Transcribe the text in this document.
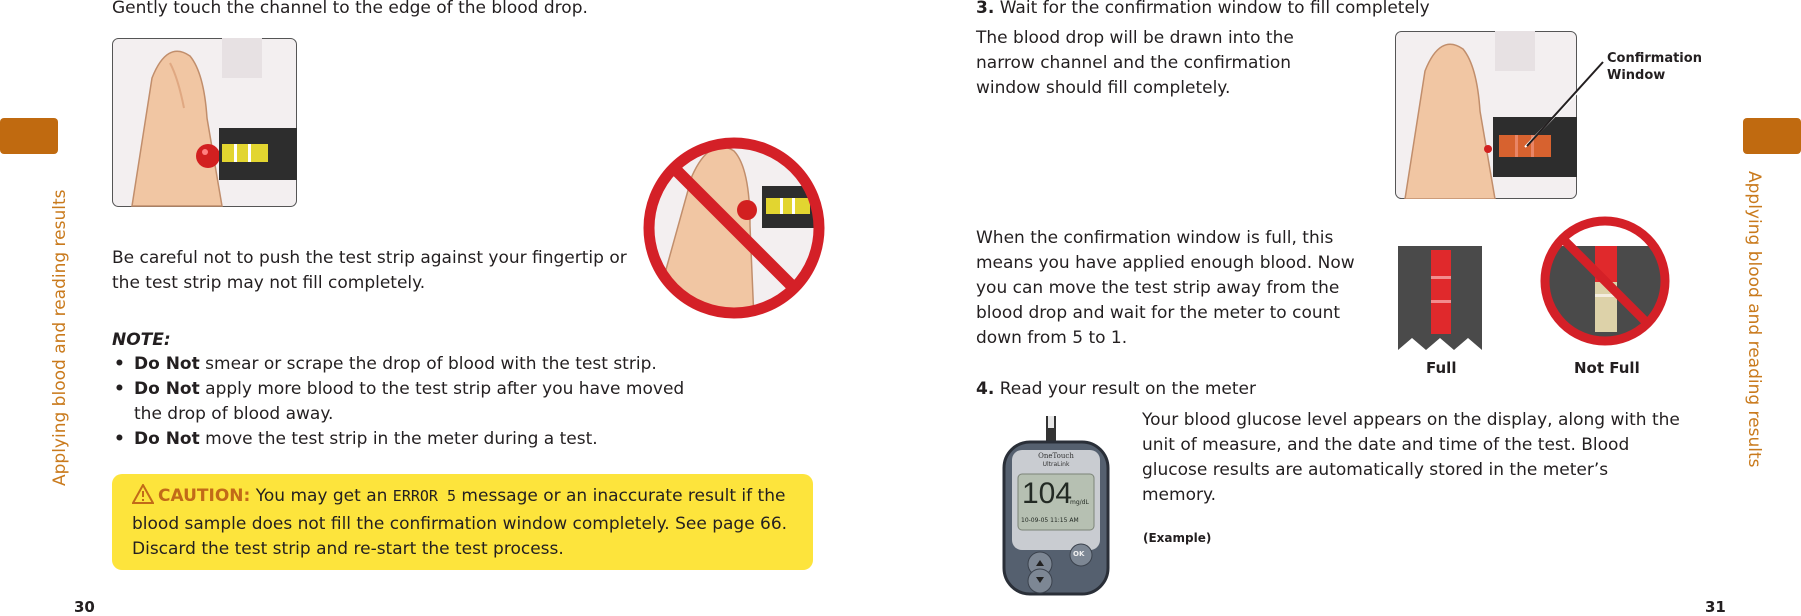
Applying blood and reading results
Gently touch the channel to the edge of the blood drop.
Be careful not to push the test strip against your fingertip or the test strip may not fill completely.
NOTE:
• Do Not smear or scrape the drop of blood with the test strip.
• Do Not apply more blood to the test strip after you have moved the drop of blood away.
• Do Not move the test strip in the meter during a test.
CAUTION: You may get an ERROR 5 message or an inaccurate result if the blood sample does not fill the confirmation window completely. See page 66. Discard the test strip and re-start the test process.
30
Applying blood and reading results
3. Wait for the confirmation window to fill completely
The blood drop will be drawn into the narrow channel and the confirmation window should fill completely.
Confirmation
Window
When the confirmation window is full, this means you have applied enough blood. Now you can move the test strip away from the blood drop and wait for the meter to count down from 5 to 1.
Full	Not Full
4. Read your result on the meter
OneTouch
UltraLink
104
mg/dL
10-09-05 11:15 AM
OK
Your blood glucose level appears on the display, along with the unit of measure, and the date and time of the test. Blood glucose results are automatically stored in the meter’s memory.
(Example)
31
